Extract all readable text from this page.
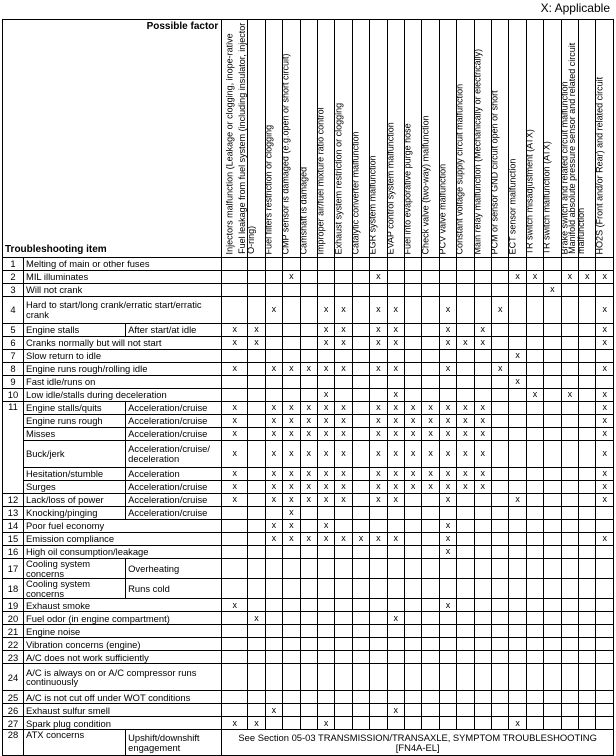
X: Applicable
Possible factor
Troubleshooting item			Injectors malfunction (Leakage or clogging, inope-rative	Fuel leakage from fuel system (including insulator, injector O-ring)	Fuel filters restriction or clogging	CMP sensor is damaged (e.g.open or short circuit)	Camshaft is damaged	Improper air/fuel mixture ratio control	Exhaust system restriction or clogging	Catalytic converter malfunction	EGR system malfunction	EVAP control system malfunction	Fuel into evaporative purge hose	Check valve (two-way) malfunction	PCV valve malfunction	Constant voltage supply circuit malfunction	Main relay malfunction (Mechanically or electrically)	PCM or sensor GND circuit open or short	ECT sensor malfunction	TR switch misadjustment (ATX)	TR switch malfunction (ATX)	Brake switch and related circuit malfunction	Manifold absolute pressure sensor and related circuit malfunction	HO2S (Front and/or Rear) and related circuit

1	Melting of main or other fuses																							
2	MIL illuminates					x					x								x	x		x	x	x
3	Will not crank																				x			
4	Hard to start/long crank/erratic start/erratic crank				x			x	x		x	x			x			x						x
5	Engine stalls	After start/at idle	x	x				x	x		x	x			x		x							x
6	Cranks normally but will not start		x	x				x	x		x	x			x	x	x							x
7	Slow return to idle																		x					
8	Engine runs rough/rolling idle		x		x	x	x	x	x		x	x			x			x						x
9	Fast idle/runs on																		x					
10	Low idle/stalls during deceleration							x				x								x		x		x
11	Engine stalls/quits	Acceleration/cruise	x		x	x	x	x	x		x	x	x	x	x	x	x							x
	Engine runs rough	Acceleration/cruise	x		x	x	x	x	x		x	x	x	x	x	x	x							x
	Misses	Acceleration/cruise	x		x	x	x	x	x		x	x	x	x	x	x	x							x
	Buck/jerk	Acceleration/cruise/ deceleration	x		x	x	x	x	x		x	x	x	x	x	x	x							x
	Hesitation/stumble	Acceleration	x		x	x	x	x	x		x	x	x	x	x	x	x							x
	Surges	Acceleration/cruise	x		x	x	x	x	x		x	x	x	x	x	x	x							x
12	Lack/loss of power	Acceleration/cruise	x		x	x	x	x	x		x	x			x				x					x
13	Knocking/pinging	Acceleration/cruise				x																		
14	Poor fuel economy				x	x		x							x									
15	Emission compliance				x	x	x	x	x	x	x	x			x									x
16	High oil consumption/leakage														x									
17	Cooling system concerns	Overheating																						
18	Cooling system concerns	Runs cold																						
19	Exhaust smoke		x												x									
20	Fuel odor (in engine compartment)			x								x												
21	Engine noise																							
22	Vibration concerns (engine)																							
23	A/C does not work sufficiently																							
24	A/C is always on or A/C compressor runs continuously																							
25	A/C is not cut off under WOT conditions																							
26	Exhaust sulfur smell				x							x												
27	Spark plug condition		x	x				x											x					
28	ATX concerns	Upshift/downshift engagement	See Section 05-03 TRANSMISSION/TRANSAXLE, SYMPTOM TROUBLESHOOTING [FN4A-EL]																					
